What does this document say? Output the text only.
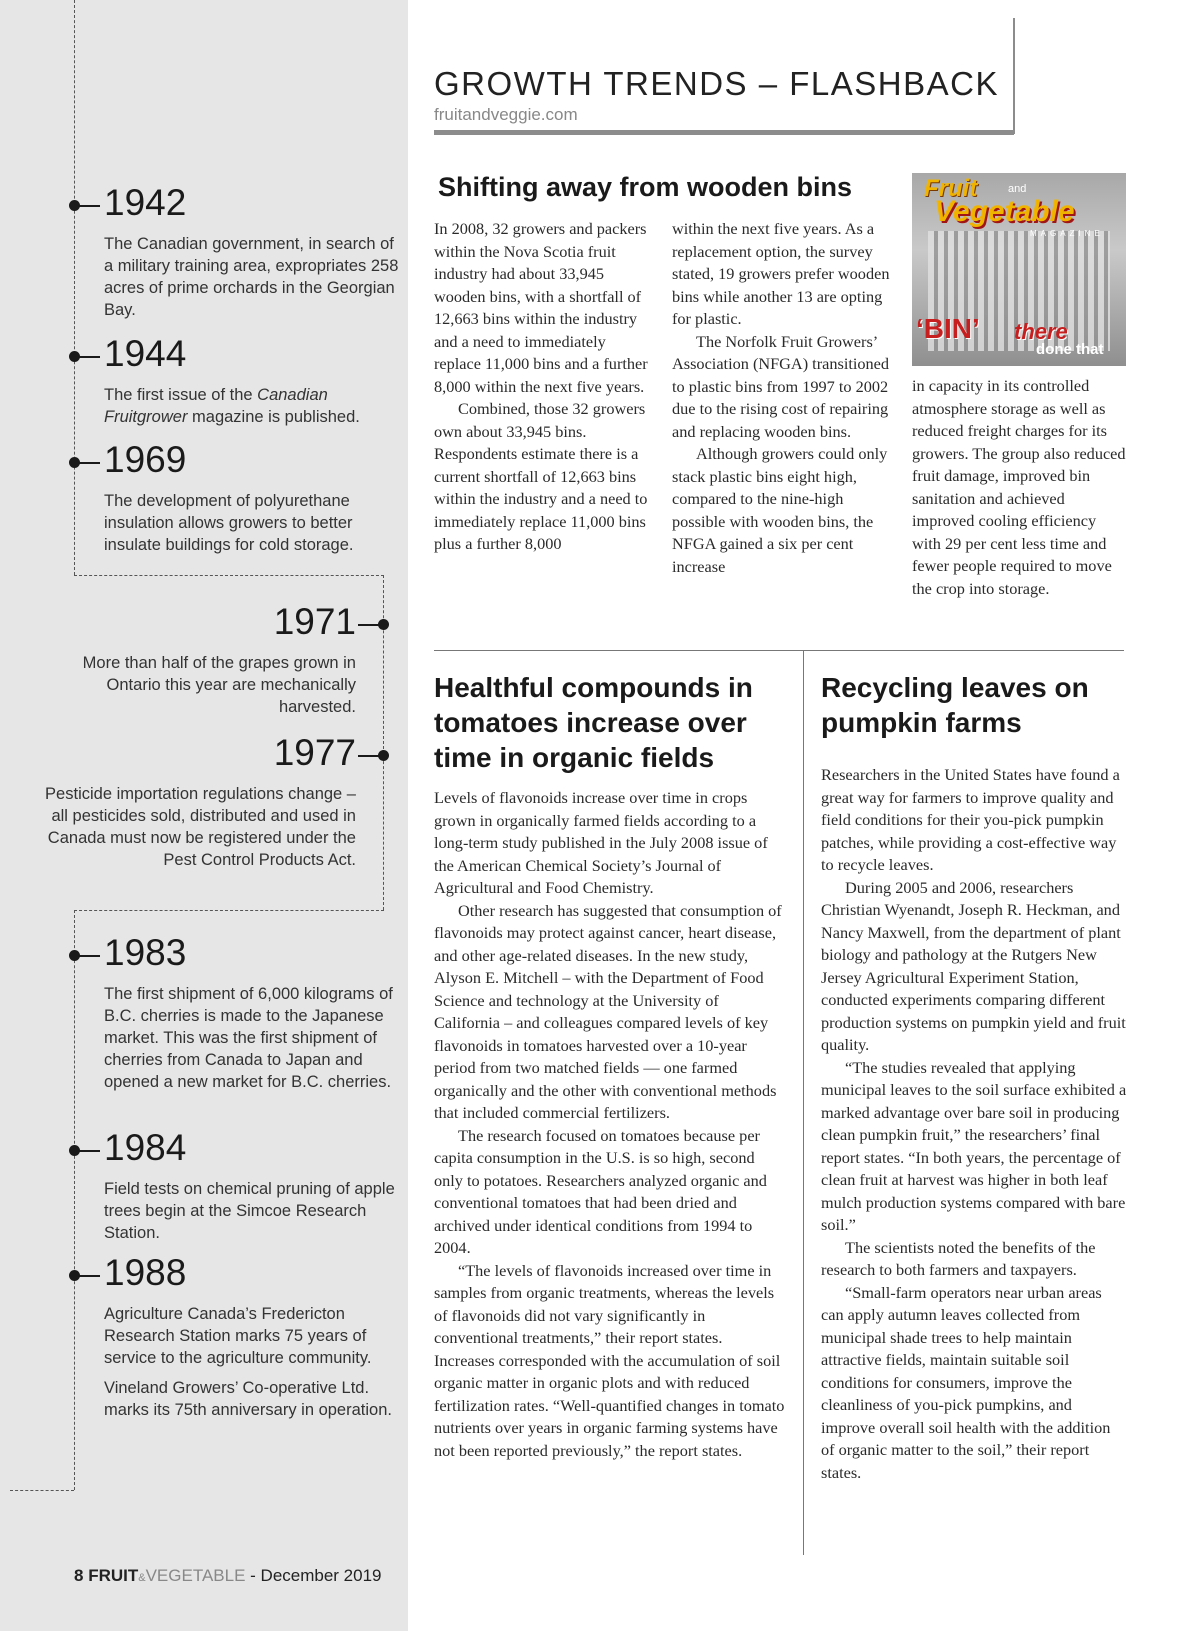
1942
The Canadian government, in search of a military training area, expropriates 258 acres of prime orchards in the Georgian Bay.
1944
The first issue of the Canadian Fruitgrower magazine is published.
1969
The development of polyurethane insulation allows growers to better insulate buildings for cold storage.
1971
More than half of the grapes grown in Ontario this year are mechanically harvested.
1977
Pesticide importation regulations change – all pesticides sold, distributed and used in Canada must now be registered under the Pest Control Products Act.
1983
The first shipment of 6,000 kilograms of B.C. cherries is made to the Japanese market. This was the first shipment of cherries from Canada to Japan and opened a new market for B.C. cherries.
1984
Field tests on chemical pruning of apple trees begin at the Simcoe Research Station.
1988
Agriculture Canada’s Fredericton Research Station marks 75 years of service to the agriculture community.
Vineland Growers’ Co-operative Ltd. marks its 75th anniversary in operation.
8 FRUIT&VEGETABLE - December 2019
GROWTH TRENDS – FLASHBACK
fruitandveggie.com
Shifting away from wooden bins

In 2008, 32 growers and packers within the Nova Scotia fruit industry had about 33,945 wooden bins, with a shortfall of 12,663 bins within the industry and a need to immediately replace 11,000 bins and a further 8,000 within the next five years.

Combined, those 32 growers own about 33,945 bins. Respondents estimate there is a current shortfall of 12,663 bins within the industry and a need to immediately replace 11,000 bins plus a further 8,000

within the next five years. As a replacement option, the survey stated, 19 growers prefer wooden bins while another 13 are opting for plastic.

The Norfolk Fruit Growers’ Association (NFGA) transitioned to plastic bins from 1997 to 2002 due to the rising cost of repairing and replacing wooden bins.

Although growers could only stack plastic bins eight high, compared to the nine-high possible with wooden bins, the NFGA gained a six per cent increase

Fruit	and
Vegetable
MAGAZINE
‘BIN’ there
done that

in capacity in its controlled atmosphere storage as well as reduced freight charges for its growers. The group also reduced fruit damage, improved bin sanitation and achieved improved cooling efficiency with 29 per cent less time and fewer people required to move the crop into storage.

Healthful compounds in tomatoes increase over time in organic fields

Levels of flavonoids increase over time in crops grown in organically farmed fields according to a long-term study published in the July 2008 issue of the American Chemical Society’s Journal of Agricultural and Food Chemistry.

Other research has suggested that consumption of flavonoids may protect against cancer, heart disease, and other age-related diseases. In the new study, Alyson E. Mitchell – with the Department of Food Science and technology at the University of California – and colleagues compared levels of key flavonoids in tomatoes harvested over a 10-year period from two matched fields — one farmed organically and the other with conventional methods that included commercial fertilizers.

The research focused on tomatoes because per capita consumption in the U.S. is so high, second only to potatoes. Researchers analyzed organic and conventional tomatoes that had been dried and archived under identical conditions from 1994 to 2004.

“The levels of flavonoids increased over time in samples from organic treatments, whereas the levels of flavonoids did not vary significantly in conventional treatments,” their report states. Increases corresponded with the accumulation of soil organic matter in organic plots and with reduced fertilization rates. “Well-quantified changes in tomato nutrients over years in organic farming systems have not been reported previously,” the report states.

Recycling leaves on pumpkin farms

Researchers in the United States have found a great way for farmers to improve quality and field conditions for their you-pick pumpkin patches, while providing a cost-effective way to recycle leaves.

During 2005 and 2006, researchers Christian Wyenandt, Joseph R. Heckman, and Nancy Maxwell, from the department of plant biology and pathology at the Rutgers New Jersey Agricultural Experiment Station, conducted experiments comparing different production systems on pumpkin yield and fruit quality.

“The studies revealed that applying municipal leaves to the soil surface exhibited a marked advantage over bare soil in producing clean pumpkin fruit,” the researchers’ final report states. “In both years, the percentage of clean fruit at harvest was higher in both leaf mulch production systems compared with bare soil.”

The scientists noted the benefits of the research to both farmers and taxpayers.

“Small-farm operators near urban areas can apply autumn leaves collected from municipal shade trees to help maintain attractive fields, maintain suitable soil conditions for consumers, improve the cleanliness of you-pick pumpkins, and improve overall soil health with the addition of organic matter to the soil,” their report states.
